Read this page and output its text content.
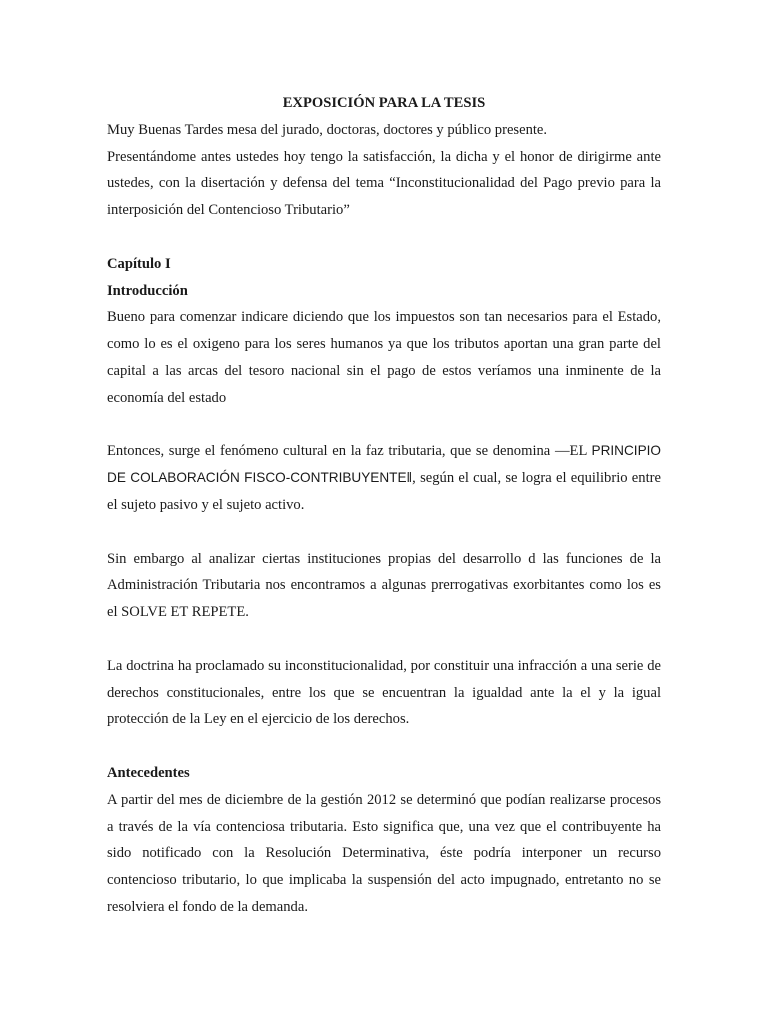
EXPOSICIÓN PARA LA TESIS

Muy Buenas Tardes mesa del jurado, doctoras, doctores y público presente.

Presentándome antes ustedes hoy tengo la satisfacción, la dicha y el honor de dirigirme ante ustedes, con la disertación y defensa del tema “Inconstitucionalidad del Pago previo para la interposición del Contencioso Tributario”

Capítulo I

Introducción

Bueno para comenzar indicare diciendo que los impuestos son tan necesarios para el Estado, como lo es el oxigeno para los seres humanos ya que los tributos aportan una gran parte del capital a las arcas del tesoro nacional sin el pago de estos veríamos una inminente de la economía del estado

Entonces, surge el fenómeno cultural en la faz tributaria, que se denomina —EL PRINCIPIO DE COLABORACIÓN FISCO-CONTRIBUYENTE‖, según el cual, se logra el equilibrio entre el sujeto pasivo y el sujeto activo.

Sin embargo al analizar ciertas instituciones propias del desarrollo d las funciones de la Administración Tributaria nos encontramos a algunas prerrogativas exorbitantes como los es el SOLVE ET REPETE.

La doctrina ha proclamado su inconstitucionalidad, por constituir una infracción a una serie de derechos constitucionales, entre los que se encuentran la igualdad ante la el y la igual protección de la Ley en el ejercicio de los derechos.

Antecedentes

A partir del mes de diciembre de la gestión 2012 se determinó que podían realizarse procesos a través de la vía contenciosa tributaria. Esto significa que, una vez que el contribuyente ha sido notificado con la Resolución Determinativa, éste podría interponer un recurso contencioso tributario, lo que implicaba la suspensión del acto impugnado, entretanto no se resolviera el fondo de la demanda.
